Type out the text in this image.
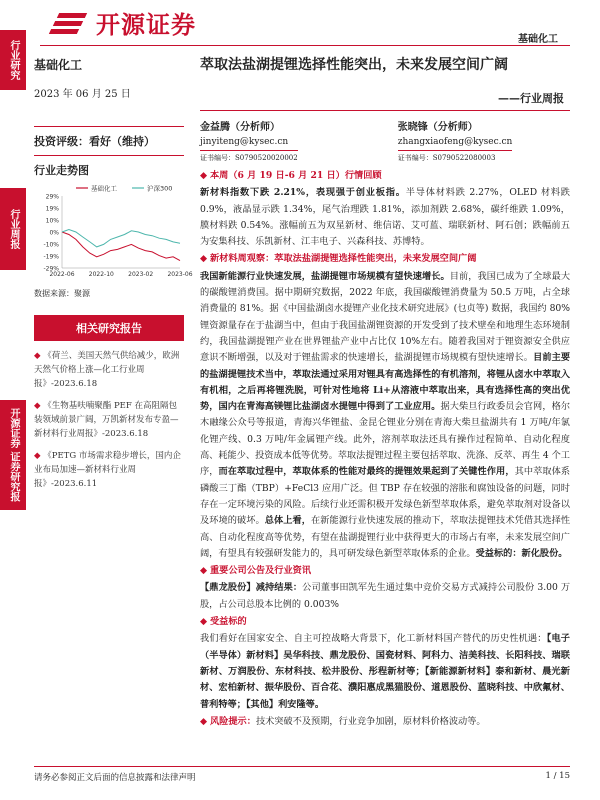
开源证券
基础化工
行业研究
行业周报
开源证券 证券研究报
基础化工
2023 年 06 月 25 日
投资评级：看好（维持）
行业走势图
29%
19%
10%
0%
-10%
-19%
-29%
2022-06 2022-10 2023-02 2023-06
基础化工	沪深300
数据来源：聚源
相关研究报告
◆ 《荷兰、美国天然气供给减少，欧洲天然气价格上涨—化工行业周报》-2023.6.18
◆ 《生物基呋喃聚酯 PEF 在高阻隔包装领域前景广阔，万凯新材发布专盈—新材料行业周报》-2023.6.18
◆ 《PETG 市场需求稳步增长，国内企业布局加速—新材料行业周报》-2023.6.11
萃取法盐湖提锂选择性能突出，未来发展空间广阔
——行业周报
金益腾（分析师）
jinyiteng@kysec.cn
证书编号：S0790520020002
张晓锋（分析师）
zhangxiaofeng@kysec.cn
证书编号：S0790522080003

◆ 本周（6 月 19 日-6 月 21 日）行情回顾

新材料指数下跌 2.21%，表现强于创业板指。半导体材料跌 2.27%，OLED 材料跌 0.9%，液晶显示跌 1.34%，尾气治理跌 1.81%，添加剂跌 2.68%，碳纤维跌 1.09%，膜材料跌 0.54%。涨幅前五为双星新材、维信诺、艾可蓝、瑞联新材、阿石创；跌幅前五为安集科技、乐凯新材、江丰电子、兴森科技、苏博特。

◆ 新材料周观察：萃取法盐湖提锂选择性能突出，未来发展空间广阔

我国新能源行业快速发展，盐湖提锂市场规模有望快速增长。目前，我国已成为了全球最大的碳酸锂消费国。据中期研究数据，2022 年底，我国碳酸锂消费量为 50.5 万吨，占全球消费量的 81%。据《中国盐湖卤水提锂产业化技术研究进展》(乜贞等) 数据，我国约 80%锂资源量存在于盐湖当中，但由于我国盐湖锂资源的开发受到了技术壁垒和地理生态环境制约，我国盐湖提锂产业在世界锂盐产业中占比仅 10%左右。随着我国对于锂资源安全供应意识不断增强，以及对于锂盐需求的快速增长，盐湖提锂市场规模有望快速增长。目前主要的盐湖提锂技术当中，萃取法通过采用对锂具有高选择性的有机溶剂，将锂从卤水中萃取入有机相，之后再将锂洗脱，可针对性地将 Li+从溶液中萃取出来，具有选择性高的突出优势，国内在青海高镁锂比盐湖卤水提锂中得到了工业应用。据大柴旦行政委员会官网，格尔木融缘公众号等报道，青海兴华锂盐、金昆仑锂业分别在青海大柴旦盐湖共有 1 万吨/年氯化锂产线、0.3 万吨/年金属锂产线。此外，溶剂萃取法还具有操作过程简单、自动化程度高、耗能少、投资成本低等优势。萃取法提锂过程主要包括萃取、洗涤、反萃、再生 4 个工序，而在萃取过程中，萃取体系的性能对最终的提锂效果起到了关键性作用，其中萃取体系磷酸三丁酯（TBP）+FeCl3 应用广泛。但 TBP 存在较强的溶胀和腐蚀设备的问题，同时存在一定环境污染的风险。后续行业还需积极开发绿色新型萃取体系，避免萃取剂对设备以及环境的破坏。总体上看，在新能源行业快速发展的推动下，萃取法提锂技术凭借其选择性高、自动化程度高等优势，有望在盐湖提锂行业中获得更大的市场占有率，未来发展空间广阔，有望具有较强研发能力的，具可研发绿色新型萃取体系的企业。受益标的：新化股份。

◆ 重要公司公告及行业资讯

【鼎龙股份】减持结果：公司董事田凯军先生通过集中竞价交易方式减持公司股份 3.00 万股，占公司总股本比例的 0.003%

◆ 受益标的

我们看好在国家安全、自主可控战略大背景下，化工新材料国产替代的历史性机遇：【电子（半导体）新材料】吴华科技、鼎龙股份、国瓷材料、阿科力、洁美科技、长阳科技、瑞联新材、万润股份、东材科技、松井股份、彤程新材等；【新能源新材料】泰和新材、晨光新材、宏柏新材、振华股份、百合花、濮阳惠成黑猫股份、道恩股份、蓝晓科技、中欣氟材、普利特等；【其他】利安隆等。

◆ 风险提示：技术突破不及预期，行业竞争加剧，原材料价格波动等。

请务必参阅正文后面的信息披露和法律声明	1 / 15
